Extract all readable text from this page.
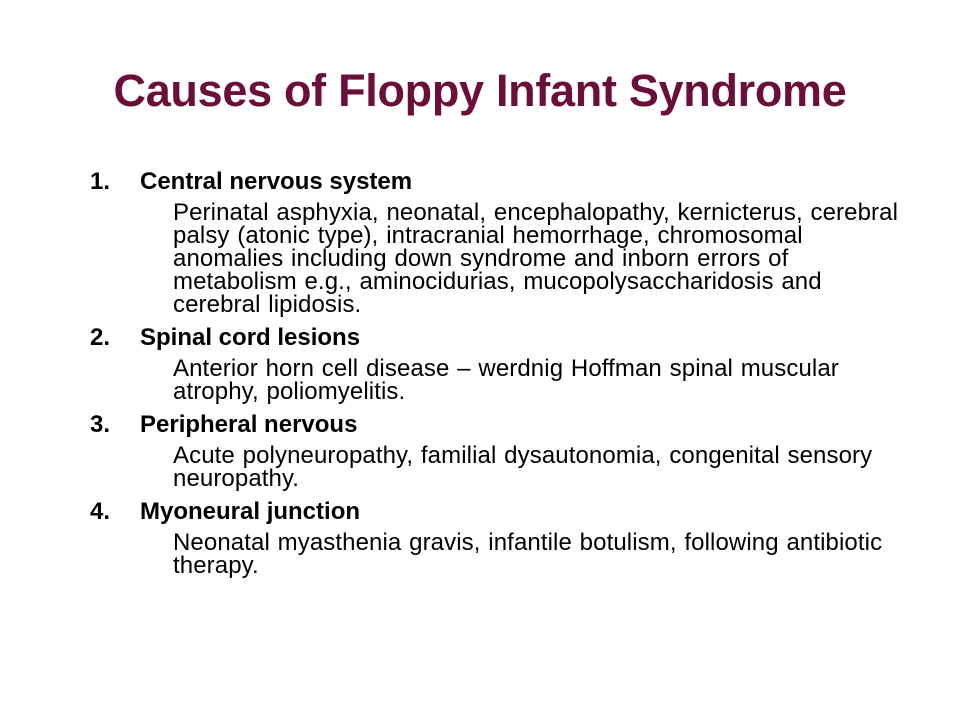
Causes of Floppy Infant Syndrome
1.	Central nervous system
Perinatal asphyxia, neonatal, encephalopathy, kernicterus, cerebral palsy (atonic type), intracranial hemorrhage, chromosomal anomalies including down syndrome and inborn errors of metabolism e.g., aminocidurias, mucopolysaccharidosis and cerebral lipidosis.
2.	Spinal cord lesions
Anterior horn cell disease – werdnig Hoffman spinal muscular atrophy, poliomyelitis.
3.	Peripheral nervous
Acute polyneuropathy, familial dysautonomia, congenital sensory neuropathy.
4.	Myoneural junction
Neonatal myasthenia gravis, infantile botulism, following antibiotic therapy.
